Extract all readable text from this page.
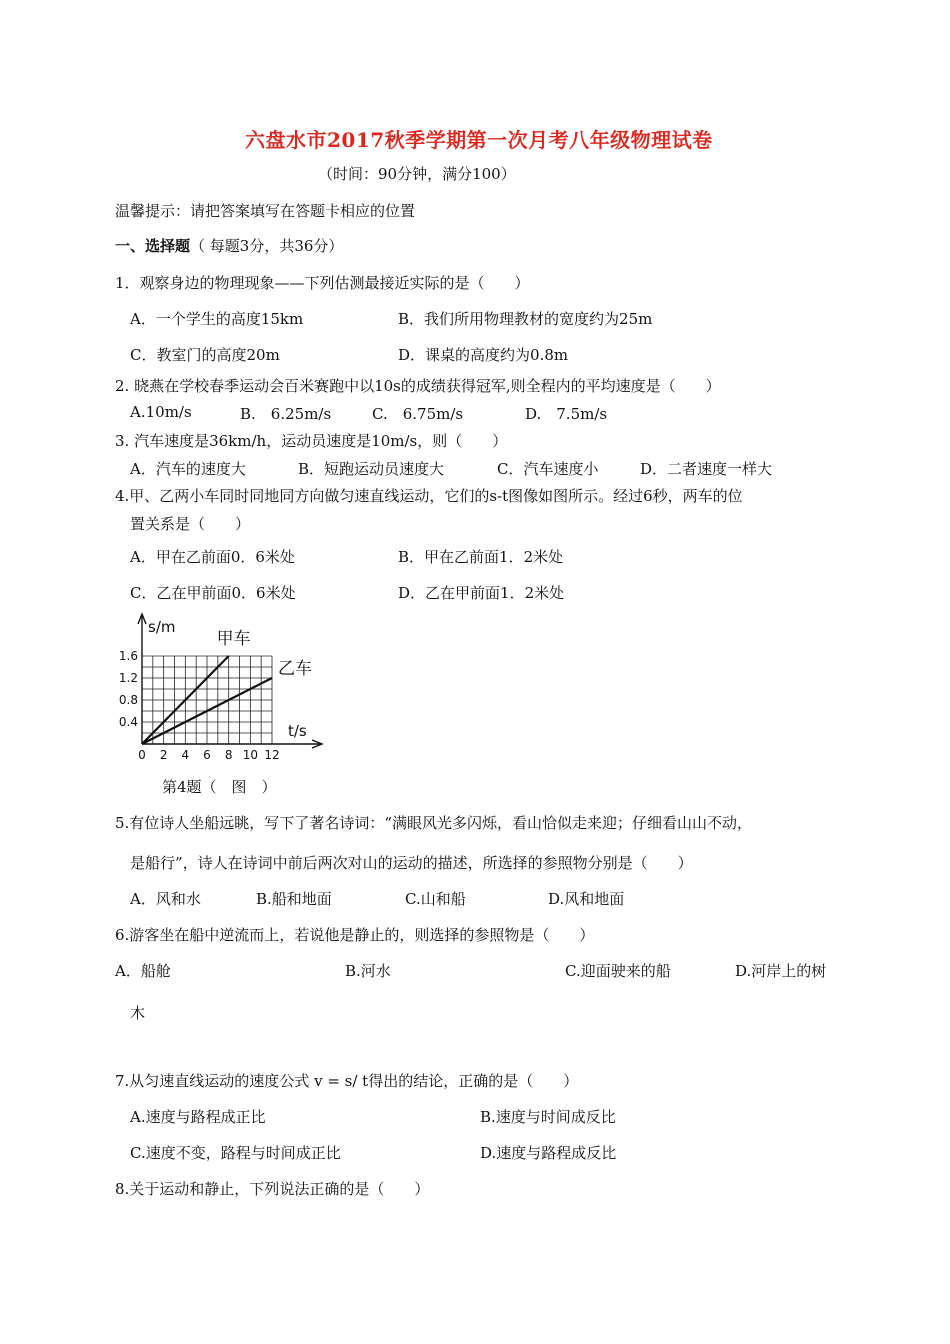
六盘水市2017秋季学期第一次月考八年级物理试卷
（时间：90分钟，满分100）
温馨提示：请把答案填写在答题卡相应的位置
一、选择题（ 每题3分，共36分）
1．观察身边的物理现象——下列估测最接近实际的是（　　）
A．一个学生的高度15km	B．我们所用物理教材的宽度约为25m
C．教室门的高度20m	D．课桌的高度约为0.8m
2. 晓燕在学校春季运动会百米赛跑中以10s的成绩获得冠军,则全程内的平均速度是（　　）
A.10m/s	B.　6.25m/s	C.　6.75m/s	D.　7.5m/s
3. 汽车速度是36km/h，运动员速度是10m/s，则（　　）
A．汽车的速度大	B．短跑运动员速度大	C．汽车速度小	D．二者速度一样大
4.甲、乙两小车同时同地同方向做匀速直线运动，它们的s-t图像如图所示。经过6秒，两车的位
置关系是（　　）
A．甲在乙前面0．6米处	B．甲在乙前面1．2米处
C．乙在甲前面0．6米处	D．乙在甲前面1．2米处
s/m
t/s
0 2 4 6 8 10 12
0.4
0.8
1.2
1.6
甲车
乙车
第4题（　图　）
5.有位诗人坐船远眺，写下了著名诗词：“满眼风光多闪烁，看山恰似走来迎；仔细看山山不动，
是船行”，诗人在诗词中前后两次对山的运动的描述，所选择的参照物分别是（　　）
A．风和水	B.船和地面	C.山和船	D.风和地面
6.游客坐在船中逆流而上，若说他是静止的，则选择的参照物是（　　）
A．船舱	B.河水	C.迎面驶来的船	D.河岸上的树
木
7.从匀速直线运动的速度公式 v = s/ t得出的结论，正确的是（　　）
A.速度与路程成正比	B.速度与时间成反比
C.速度不变，路程与时间成正比	D.速度与路程成反比
8.关于运动和静止，下列说法正确的是（　　）
